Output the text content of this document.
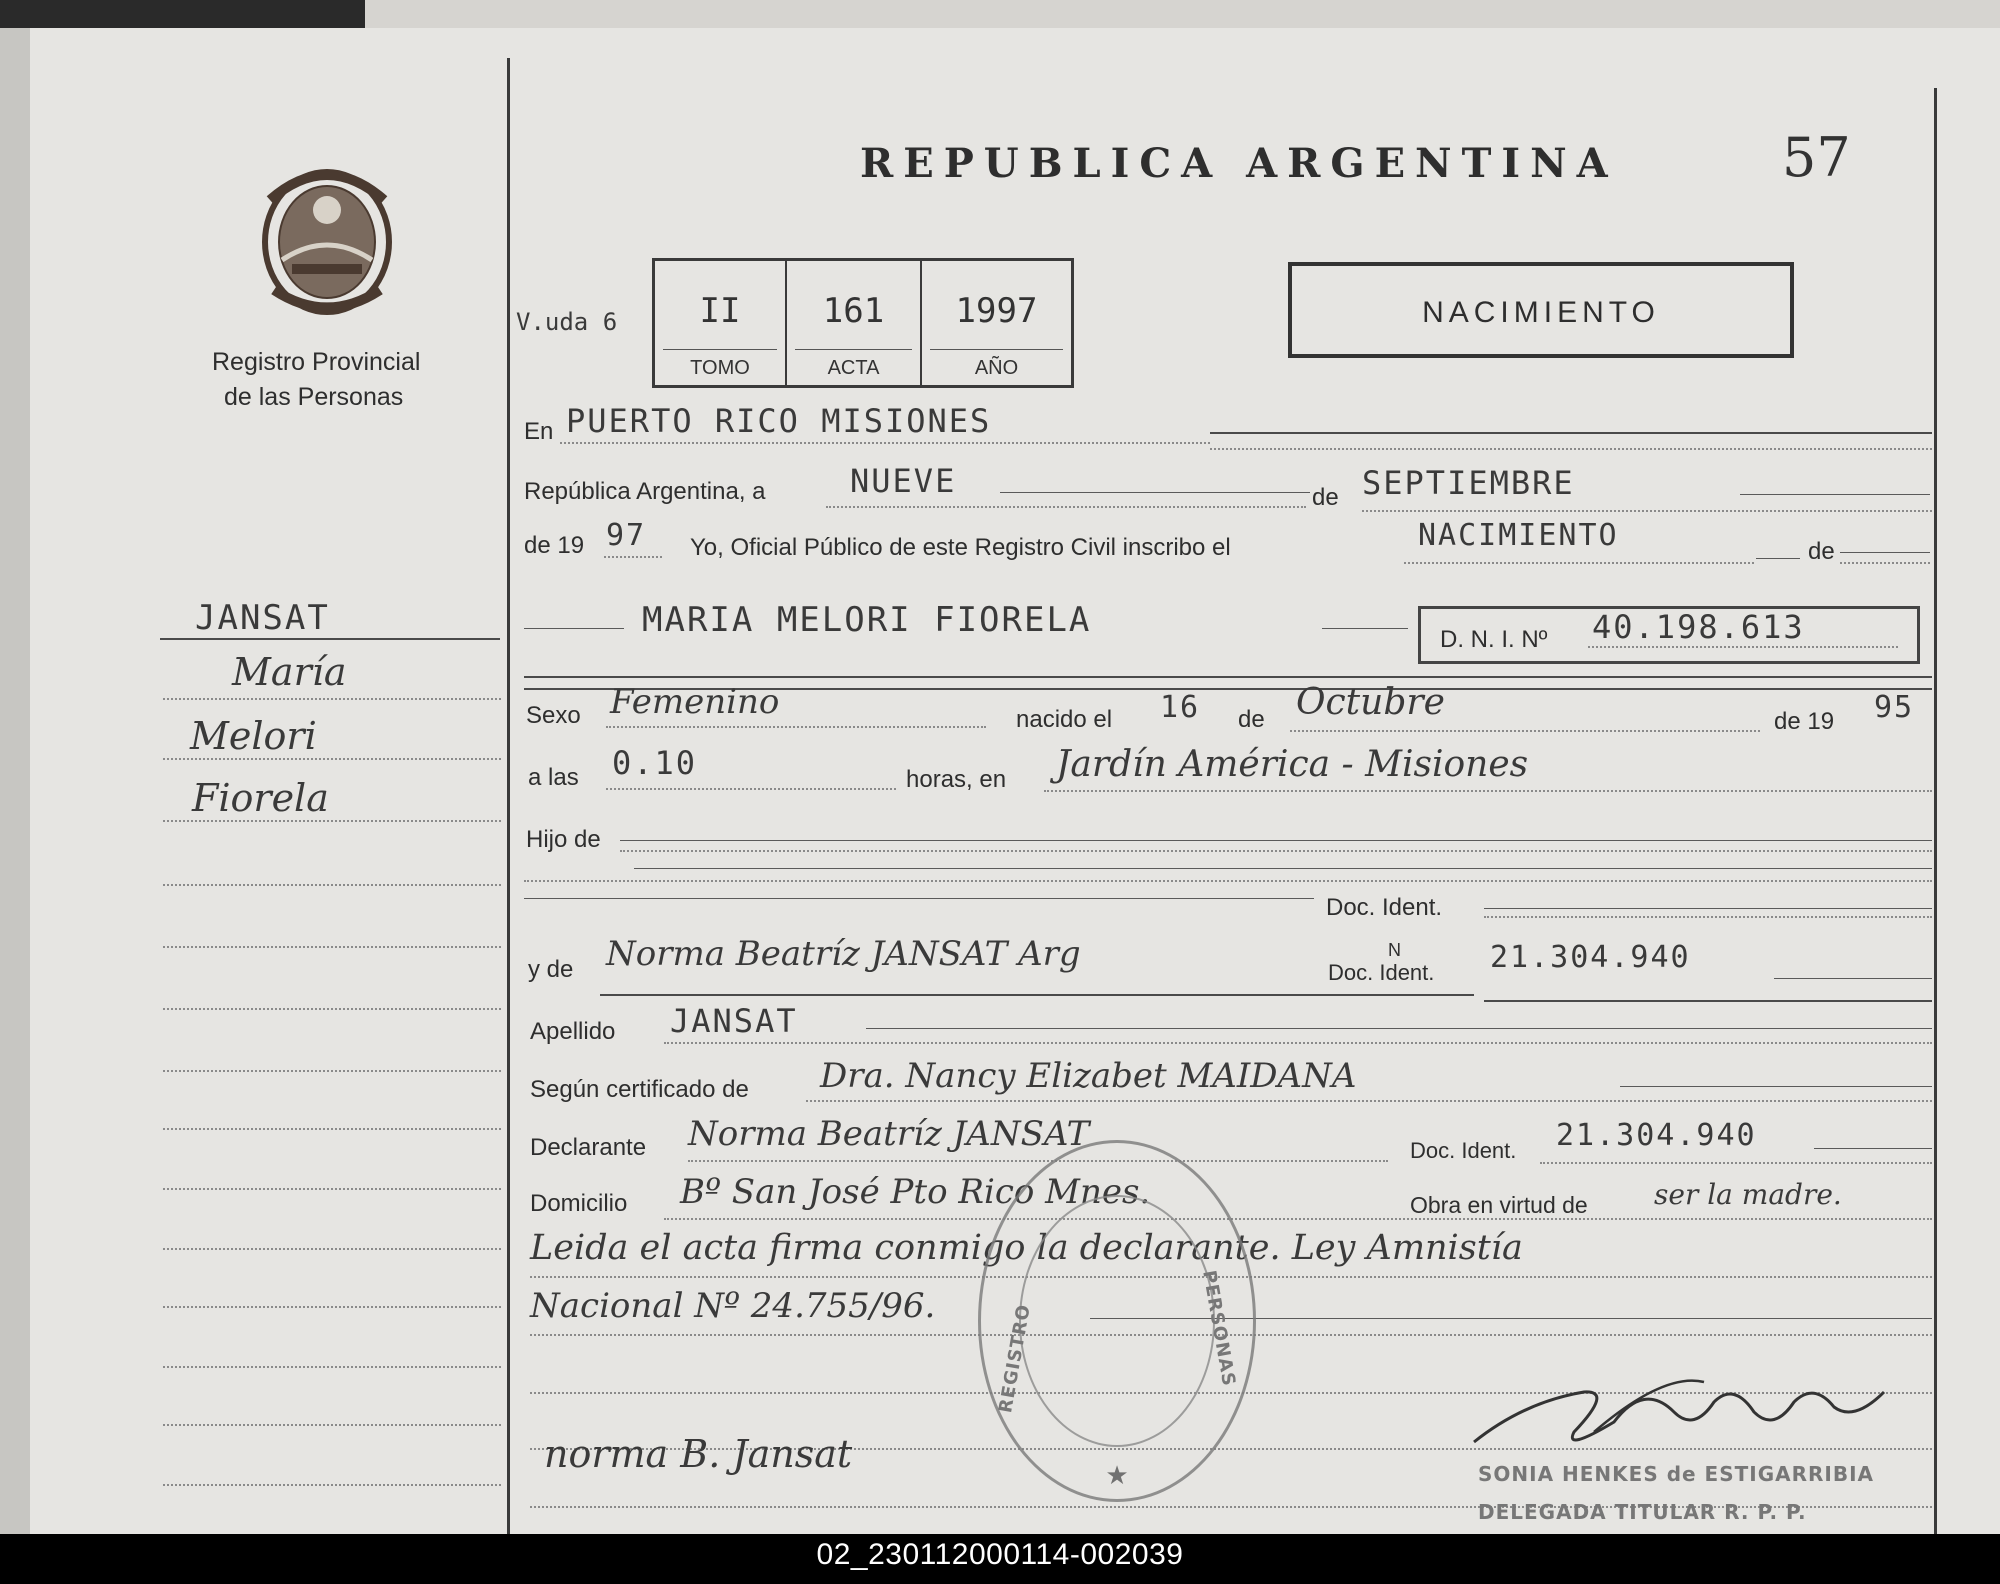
Registro Provincial
de las Personas
REPUBLICA ARGENTINA	57
V.uda 6	II
TOMO
161
ACTA
1997
AÑO
NACIMIENTO
JANSAT
María
Melori
Fiorela
En PUERTO RICO MISIONES
República Argentina, a	NUEVE	de SEPTIEMBRE
de 19 97 Yo, Oficial Público de este Registro Civil inscribo el	NACIMIENTO	de
MARIA MELORI FIORELA	D. N. I. Nº 40.198.613
Sexo Femenino	nacido el 16 de Octubre	de 19 95
a las 0.10	horas, en Jardín América - Misiones
Hijo de
Doc. Ident.
y de Norma Beatríz JANSAT Arg	Doc. Ident.
N	21.304.940
Apellido JANSAT
Según certificado de Dra. Nancy Elizabet MAIDANA
Declarante Norma Beatríz JANSAT	Doc. Ident. 21.304.940
Domicilio Bº San José Pto Rico Mnes.	Obra en virtud de ser la madre.
Leida el acta firma conmigo la declarante. Ley Amnistía
Nacional Nº 24.755/96.
★
REGISTRO	PERSONAS
norma B. Jansat	SONIA HENKES de ESTIGARRIBIA
DELEGADA TITULAR R. P. P.
02_230112000114-002039
